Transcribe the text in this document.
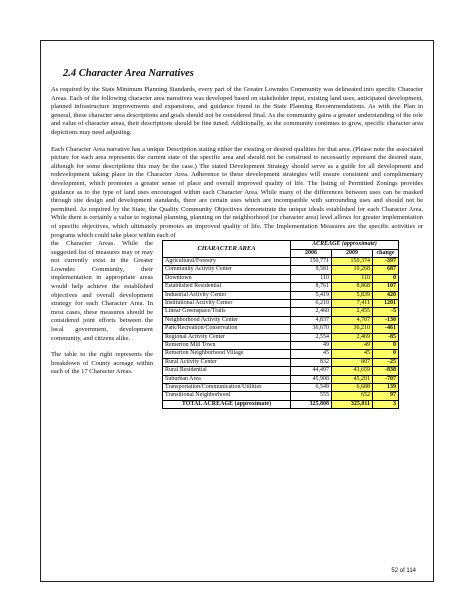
2.4 Character Area Narratives

As required by the State Minimum Planning Standards, every part of the Greater Lowndes Community was delineated into specific Character Areas. Each of the following character area narratives was developed based on stakeholder input, existing land uses, anticipated development, planned infrastructure improvements and expansions, and guidance found in the State Planning Recommendations. As with the Plan in general, these character area descriptions and goals should not be considered final. As the community gains a greater understanding of the role and value of character areas, their descriptions should be fine tuned. Additionally, as the community continues to grow, specific character area depictions may need adjusting.

Each Character Area narrative has a unique Description stating either the existing or desired qualities for that area. (Please note the associated picture for each area represents the current state of the specific area and should not be construed to necessarily represent the desired state, although for some descriptions this may be the case.) The stated Development Strategy should serve as a guide for all development and redevelopment taking place in the Character Area. Adherence to these development strategies will ensure consistent and complimentary development, which promotes a greater sense of place and overall improved quality of life. The listing of Permitted Zonings provides guidance as to the type of land uses encouraged within each Character Area. While many of the differences between uses can be masked through site design and development standards, there are certain uses which are incompatible with surrounding uses and should not be permitted. As required by the State, the Quality Community Objectives demonstrate the unique ideals established for each Character Area. While there is certainly a value to regional planning, planning on the neighborhood (or character area) level allows for greater implementation of specific objectives, which ultimately promotes an improved quality of life. The Implementation Measures are the specific activities or programs which could take place within each of

the Character Areas. While the suggested list of measures may or may not currently exist in the Greater Lowndes Community, their implementation in appropriate areas would help achieve the established objectives and overall development strategy for each Character Area. In most cases, these measures should be considered joint efforts between the local government, development community, and citizens alike.
The table to the right represents the breakdown of County acreage within each of the 17 Character Areas.
CHARACTER AREA	ACREAGE (approximate)		
	2006	2009	change
Agricultural/Forestry	150,771	150,374	-397
Community Activity Center	9,581	10,268	687
Downtown	110	110	0
Established Residential	8,761	8,868	107
Industrial Activity Center	5,419	5,839	420
Institutional Activity Center	6,210	7,411	1201
Linear Greenspace/Trails	2,460	2,455	-5
Neighborhood Activity Center	4,837	4,707	-130
Park/Recreation/Conservation	36,670	36,210	-461
Regional Activity Center	2,554	2,469	-85
Remerton Mill Town	49	49	0
Remerton Neighborhood Village	45	45	0
Rural Activity Center	832	807	-25
Rural Residential	44,497	43,659	-838
Suburban Area	45,908	45,201	-707
Transportation/Communication/Utilities	6,549	6,688	139
Transitional Neighborhood	555	652	97
TOTAL ACREAGE (approximate)	325,808	325,811	3
52 of 114
